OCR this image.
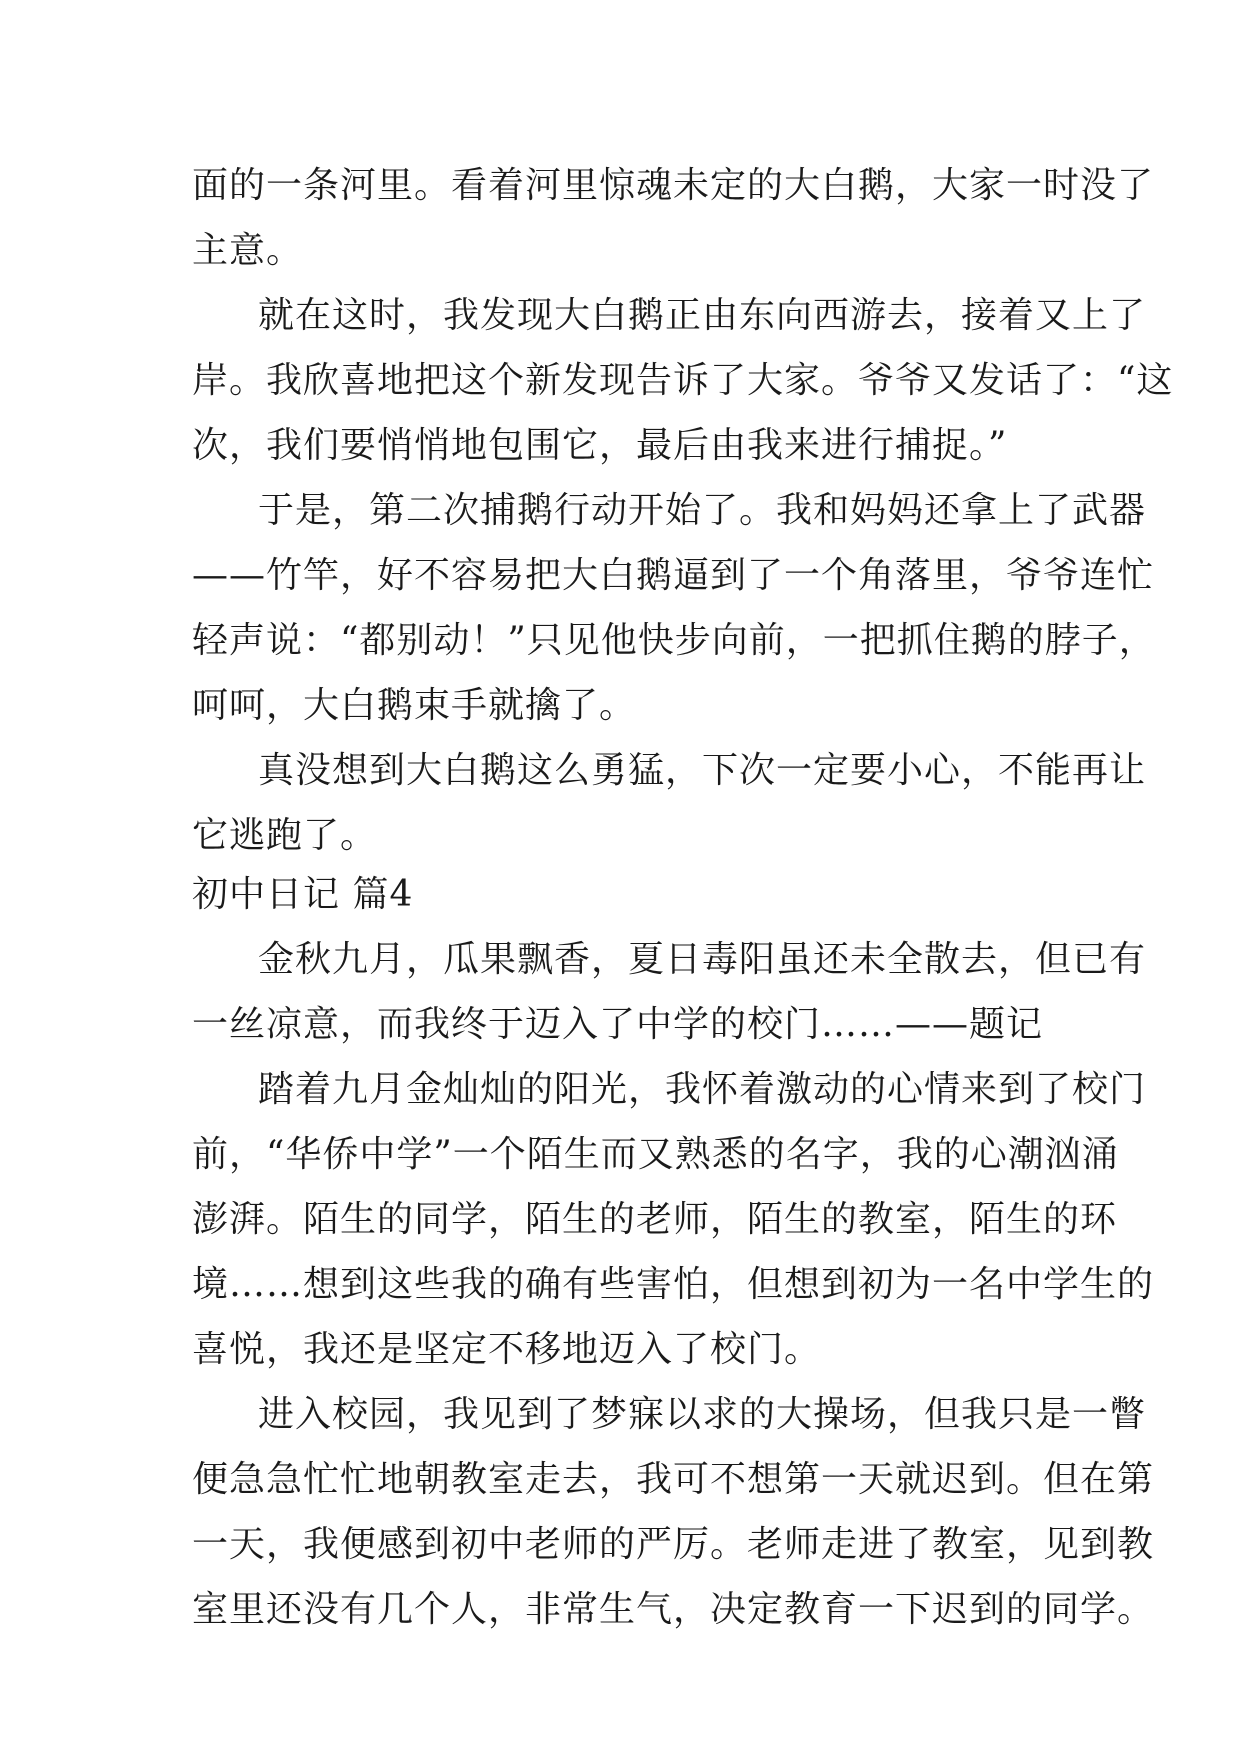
面的一条河里。看着河里惊魂未定的大白鹅，大家一时没了
主意。
就在这时，我发现大白鹅正由东向西游去，接着又上了
岸。我欣喜地把这个新发现告诉了大家。爷爷又发话了：“这
次，我们要悄悄地包围它，最后由我来进行捕捉。”
于是，第二次捕鹅行动开始了。我和妈妈还拿上了武器
——竹竿，好不容易把大白鹅逼到了一个角落里，爷爷连忙
轻声说：“都别动！”只见他快步向前，一把抓住鹅的脖子，
呵呵，大白鹅束手就擒了。
真没想到大白鹅这么勇猛，下次一定要小心，不能再让
它逃跑了。
初中日记 篇4
金秋九月，瓜果飘香，夏日毒阳虽还未全散去，但已有
一丝凉意，而我终于迈入了中学的校门……——题记
踏着九月金灿灿的阳光，我怀着激动的心情来到了校门
前，“华侨中学”一个陌生而又熟悉的名字，我的心潮汹涌
澎湃。陌生的同学，陌生的老师，陌生的教室，陌生的环
境……想到这些我的确有些害怕，但想到初为一名中学生的
喜悦，我还是坚定不移地迈入了校门。
进入校园，我见到了梦寐以求的大操场，但我只是一瞥
便急急忙忙地朝教室走去，我可不想第一天就迟到。但在第
一天，我便感到初中老师的严厉。老师走进了教室，见到教
室里还没有几个人，非常生气，决定教育一下迟到的同学。
